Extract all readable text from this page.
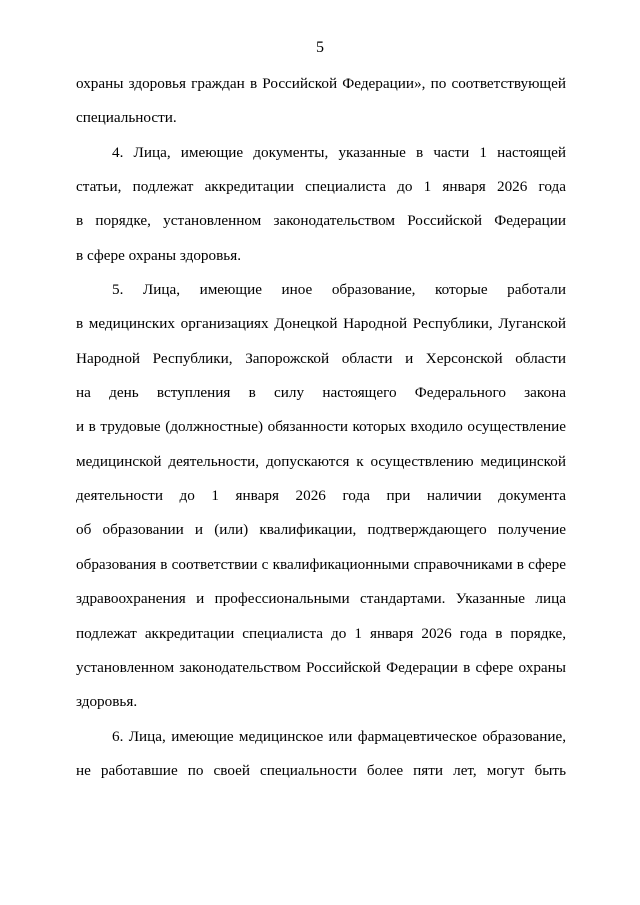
5
охраны здоровья граждан в Российской Федерации», по соответствующей
специальности.
4. Лица, имеющие документы, указанные в части 1 настоящей
статьи, подлежат аккредитации специалиста до 1 января 2026 года
в порядке, установленном законодательством Российской Федерации
в сфере охраны здоровья.
5. Лица, имеющие иное образование, которые работали
в медицинских организациях Донецкой Народной Республики, Луганской
Народной Республики, Запорожской области и Херсонской области
на день вступления в силу настоящего Федерального закона
и в трудовые (должностные) обязанности которых входило осуществление
медицинской деятельности, допускаются к осуществлению медицинской
деятельности до 1 января 2026 года при наличии документа
об образовании и (или) квалификации, подтверждающего получение
образования в соответствии с квалификационными справочниками в сфере
здравоохранения и профессиональными стандартами. Указанные лица
подлежат аккредитации специалиста до 1 января 2026 года в порядке,
установленном законодательством Российской Федерации в сфере охраны
здоровья.
6. Лица, имеющие медицинское или фармацевтическое образование,
не работавшие по своей специальности более пяти лет, могут быть
